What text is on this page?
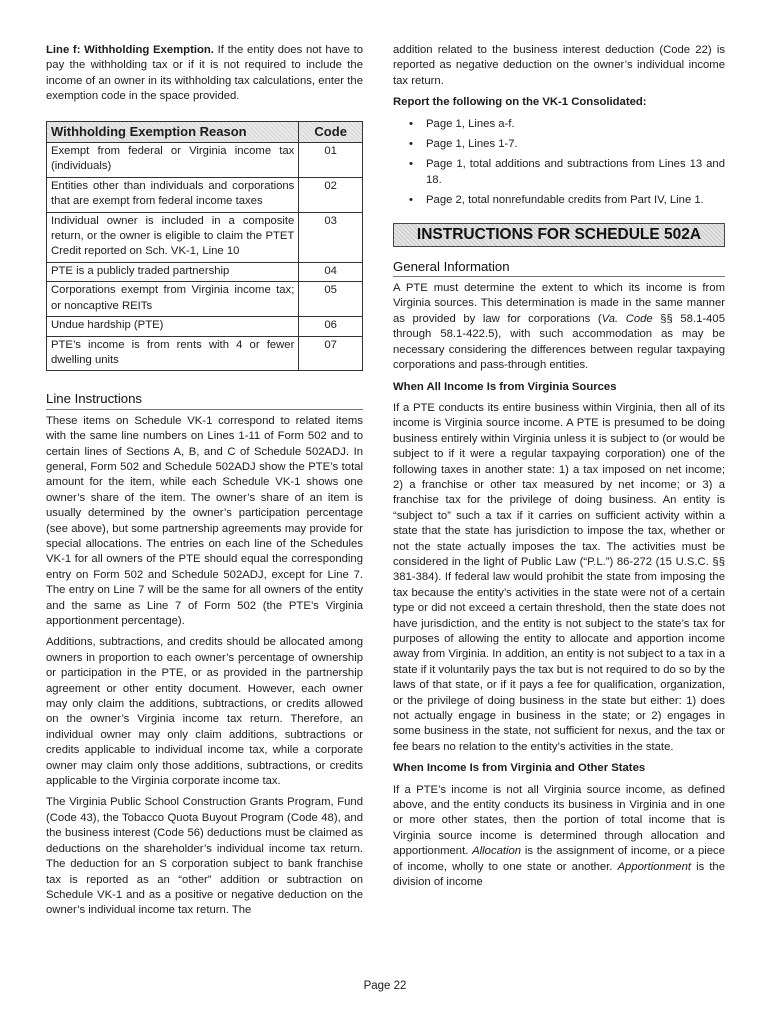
Line f: Withholding Exemption. If the entity does not have to pay the withholding tax or if it is not required to include the income of an owner in its withholding tax calculations, enter the exemption code in the space provided.

Withholding Exemption Reason	Code
Exempt from federal or Virginia income tax (individuals)	01
Entities other than individuals and corporations that are exempt from federal income taxes	02
Individual owner is included in a composite return, or the owner is eligible to claim the PTET Credit reported on Sch. VK-1, Line 10	03
PTE is a publicly traded partnership	04
Corporations exempt from Virginia income tax; or noncaptive REITs	05
Undue hardship (PTE)	06
PTE’s income is from rents with 4 or fewer dwelling units	07
Line Instructions

These items on Schedule VK-1 correspond to related items with the same line numbers on Lines 1-11 of Form 502 and to certain lines of Sections A, B, and C of Schedule 502ADJ. In general, Form 502 and Schedule 502ADJ show the PTE’s total amount for the item, while each Schedule VK-1 shows one owner’s share of the item. The owner’s share of an item is usually determined by the owner’s participation percentage (see above), but some partnership agreements may provide for special allocations. The entries on each line of the Schedules VK-1 for all owners of the PTE should equal the corresponding entry on Form 502 and Schedule 502ADJ, except for Line 7. The entry on Line 7 will be the same for all owners of the entity and the same as Line 7 of Form 502 (the PTE’s Virginia apportionment percentage).

Additions, subtractions, and credits should be allocated among owners in proportion to each owner’s percentage of ownership or participation in the PTE, or as provided in the partnership agreement or other entity document. However, each owner may only claim the additions, subtractions, or credits allowed on the owner’s Virginia income tax return. Therefore, an individual owner may only claim additions, subtractions or credits applicable to individual income tax, while a corporate owner may claim only those additions, subtractions, or credits applicable to the Virginia corporate income tax.

The Virginia Public School Construction Grants Program, Fund (Code 43), the Tobacco Quota Buyout Program (Code 48), and the business interest (Code 56) deductions must be claimed as deductions on the shareholder’s individual income tax return. The deduction for an S corporation subject to bank franchise tax is reported as an “other” addition or subtraction on Schedule VK-1 and as a positive or negative deduction on the owner’s individual income tax return. The

addition related to the business interest deduction (Code 22) is reported as negative deduction on the owner’s individual income tax return.

Report the following on the VK-1 Consolidated:
• Page 1, Lines a-f.
• Page 1, Lines 1-7.
• Page 1, total additions and subtractions from Lines 13 and 18.
• Page 2, total nonrefundable credits from Part IV, Line 1.
INSTRUCTIONS FOR SCHEDULE 502A
General Information

A PTE must determine the extent to which its income is from Virginia sources. This determination is made in the same manner as provided by law for corporations (Va. Code §§ 58.1-405 through 58.1-422.5), with such accommodation as may be necessary considering the differences between regular taxpaying corporations and pass-through entities.

When All Income Is from Virginia Sources

If a PTE conducts its entire business within Virginia, then all of its income is Virginia source income. A PTE is presumed to be doing business entirely within Virginia unless it is subject to (or would be subject to if it were a regular taxpaying corporation) one of the following taxes in another state: 1) a tax imposed on net income; 2) a franchise or other tax measured by net income; or 3) a franchise tax for the privilege of doing business. An entity is “subject to” such a tax if it carries on sufficient activity within a state that the state has jurisdiction to impose the tax, whether or not the state actually imposes the tax. The activities must be considered in the light of Public Law (“P.L.”) 86-272 (15 U.S.C. §§ 381-384). If federal law would prohibit the state from imposing the tax because the entity’s activities in the state were not of a certain type or did not exceed a certain threshold, then the state does not have jurisdiction, and the entity is not subject to the state’s tax for purposes of allowing the entity to allocate and apportion income away from Virginia. In addition, an entity is not subject to a tax in a state if it voluntarily pays the tax but is not required to do so by the laws of that state, or if it pays a fee for qualification, organization, or the privilege of doing business in the state but either: 1) does not actually engage in business in the state; or 2) engages in some business in the state, not sufficient for nexus, and the tax or fee bears no relation to the entity’s activities in the state.

When Income Is from Virginia and Other States

If a PTE’s income is not all Virginia source income, as defined above, and the entity conducts its business in Virginia and in one or more other states, then the portion of total income that is Virginia source income is determined through allocation and apportionment. Allocation is the assignment of income, or a piece of income, wholly to one state or another. Apportionment is the division of income

Page 22
